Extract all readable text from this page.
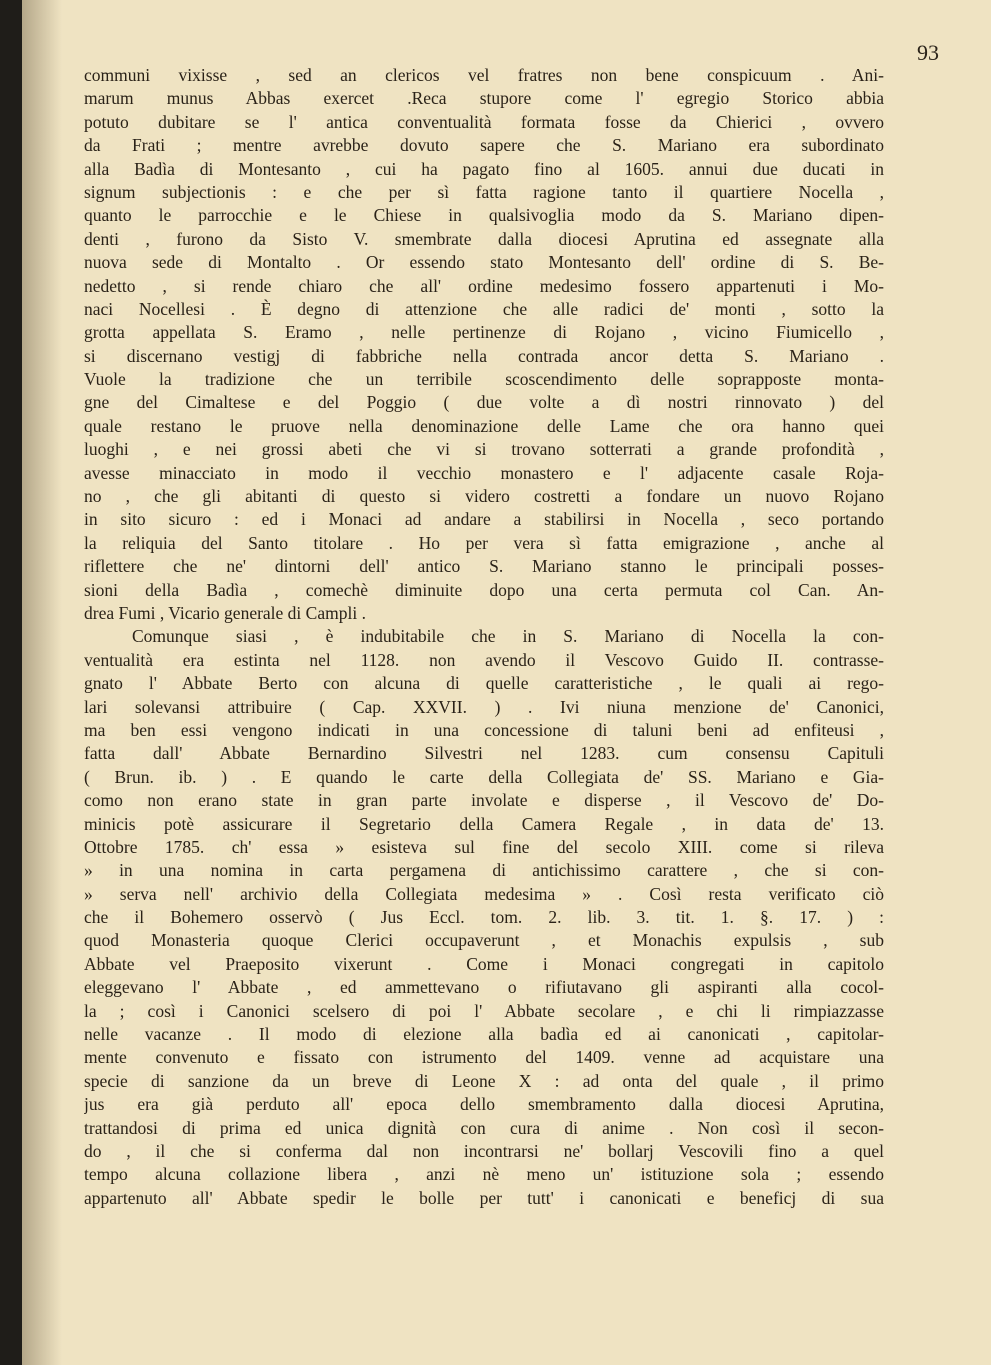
93

communi vixisse , sed an clericos vel fratres non bene conspicuum . Ani-
marum munus Abbas exercet .Reca stupore come l' egregio Storico abbia
potuto dubitare se l' antica conventualità formata fosse da Chierici , ovvero
da Frati ; mentre avrebbe dovuto sapere che S. Mariano era subordinato
alla Badìa di Montesanto , cui ha pagato fino al 1605. annui due ducati in
signum subjectionis : e che per sì fatta ragione tanto il quartiere Nocella ,
quanto le parrocchie e le Chiese in qualsivoglia modo da S. Mariano dipen-
denti , furono da Sisto V. smembrate dalla diocesi Aprutina ed assegnate alla
nuova sede di Montalto . Or essendo stato Montesanto dell' ordine di S. Be-
nedetto , si rende chiaro che all' ordine medesimo fossero appartenuti i Mo-
naci Nocellesi . È degno di attenzione che alle radici de' monti , sotto la
grotta appellata S. Eramo , nelle pertinenze di Rojano , vicino Fiumicello ,
si discernano vestigj di fabbriche nella contrada ancor detta S. Mariano .
Vuole la tradizione che un terribile scoscendimento delle soprapposte monta-
gne del Cimaltese e del Poggio ( due volte a dì nostri rinnovato ) del
quale restano le pruove nella denominazione delle Lame che ora hanno quei
luoghi , e nei grossi abeti che vi si trovano sotterrati a grande profondità ,
avesse minacciato in modo il vecchio monastero e l' adjacente casale Roja-
no , che gli abitanti di questo si videro costretti a fondare un nuovo Rojano
in sito sicuro : ed i Monaci ad andare a stabilirsi in Nocella , seco portando
la reliquia del Santo titolare . Ho per vera sì fatta emigrazione , anche al
riflettere che ne' dintorni dell' antico S. Mariano stanno le principali posses-
sioni della Badìa , comechè diminuite dopo una certa permuta col Can. An-
drea Fumi , Vicario generale di Campli .
Comunque siasi , è indubitabile che in S. Mariano di Nocella la con-
ventualità era estinta nel 1128. non avendo il Vescovo Guido II. contrasse-
gnato l' Abbate Berto con alcuna di quelle caratteristiche , le quali ai rego-
lari solevansi attribuire ( Cap. XXVII. ) . Ivi niuna menzione de' Canonici,
ma ben essi vengono indicati in una concessione di taluni beni ad enfiteusi ,
fatta dall' Abbate Bernardino Silvestri nel 1283. cum consensu Capituli
( Brun. ib. ) . E quando le carte della Collegiata de' SS. Mariano e Gia-
como non erano state in gran parte involate e disperse , il Vescovo de' Do-
minicis potè assicurare il Segretario della Camera Regale , in data de' 13.
Ottobre 1785. ch' essa » esisteva sul fine del secolo XIII. come si rileva
» in una nomina in carta pergamena di antichissimo carattere , che si con-
» serva nell' archivio della Collegiata medesima » . Così resta verificato ciò
che il Bohemero osservò ( Jus Eccl. tom. 2. lib. 3. tit. 1. §. 17. ) :
quod Monasteria quoque Clerici occupaverunt , et Monachis expulsis , sub
Abbate vel Praeposito vixerunt . Come i Monaci congregati in capitolo
eleggevano l' Abbate , ed ammettevano o rifiutavano gli aspiranti alla cocol-
la ; così i Canonici scelsero di poi l' Abbate secolare , e chi li rimpiazzasse
nelle vacanze . Il modo di elezione alla badìa ed ai canonicati , capitolar-
mente convenuto e fissato con istrumento del 1409. venne ad acquistare una
specie di sanzione da un breve di Leone X : ad onta del quale , il primo
jus era già perduto all' epoca dello smembramento dalla diocesi Aprutina,
trattandosi di prima ed unica dignità con cura di anime . Non così il secon-
do , il che si conferma dal non incontrarsi ne' bollarj Vescovili fino a quel
tempo alcuna collazione libera , anzi nè meno un' istituzione sola ; essendo
appartenuto all' Abbate spedir le bolle per tutt' i canonicati e beneficj di sua
